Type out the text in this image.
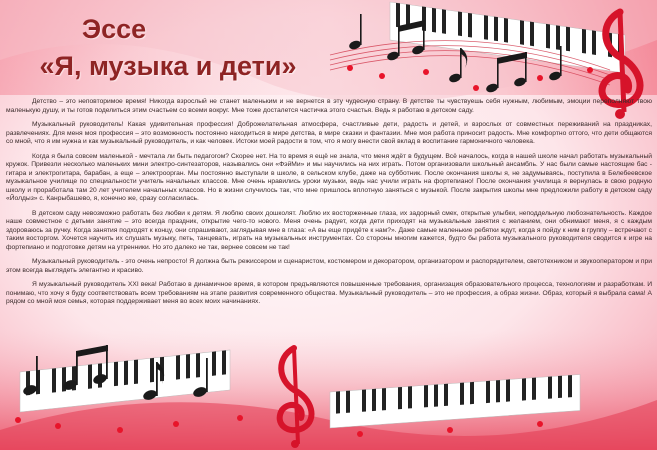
Эссе
«Я, музыка и дети»

Детство – это неповторимое время! Никогда взрослый не станет маленьким и не вернется в эту чудесную страну. В детстве ты чувствуешь себя нужным, любимым, эмоции переполняют твою маленькую душу, и ты готов поделиться этим счастьем со всеми вокруг. Мне тоже досталется частичка этого счастья. Ведь я работаю в детском саду.

Музыкальный руководитель! Какая удивительная профессия! Доброжелательная атмосфера, счастливые дети, радость и детей, и взрослых от совместных переживаний на праздниках, развлечениях. Для меня моя профессия – это возможность постоянно находиться в мире детства, в мире сказки и фантазии. Мне моя работа приносит радость. Мне комфортно оттого, что дети общаются со мной, что я им нужна и как музыкальный руководитель, и как человек. Истоки моей радости в том, что я могу внести свой вклад в воспитание гармоничного человека.

Когда я была совсем маленькой - мечтала ли быть педагогом? Скорее нет. На то время я ещё не знала, что меня ждёт в будущем. Всё началось, когда в нашей школе начал работать музыкальный кружок. Привезли несколько маленьких мини электро-синтезаторов, назывались они «ФэйМи» и мы научились на них играть. Потом организовали школьный ансамбль. У нас были самые настоящие бас - гитара и электрогитара, барабан, а еще – электроорган. Мы постоянно выступали в школе, в сельском клубе, даже на субботник. После окончания школы я, не задумываясь, поступила в Белебеевское музыкальное училище по специальности учитель начальных классов. Мне очень нравились уроки музыки, ведь нас учили играть на фортепиано! После окончания училища я вернулась в свою родную школу и проработала там 20 лет учителем начальных классов. Но в жизни случилось так, что мне пришлось вплотную заняться с музыкой. После закрытия школы мне предложили работу в детском саду «Йолдыз» с. Канрыбашево, я, конечно же, сразу согласилась.

В детском саду невозможно работать без любви к детям. Я люблю своих дошколят. Люблю их восторженные глаза, их задорный смех, открытые улыбки, неподдельную любознательность. Каждое наше совместное с детьми занятие – это всегда праздник, открытие чего-то нового. Меня очень радует, когда дети приходят на музыкальные занятия с желанием, они обнимают меня, я с каждым здороваюсь за ручку. Когда занятия подходят к концу, они спрашивают, заглядывая мне в глаза: «А вы еще придёте к нам?». Даже самые маленькие ребятки ждут, когда я пойду к ним в группу – встречают с таким восторгом. Хочется научить их слушать музыку, петь, танцевать, играть на музыкальных инструментах. Со стороны многим кажется, будто бы работа музыкального руководителя сводится к игре на фортепиано и подготовке детям на утренники. Но это далеко не так, вернее совсем не так!

Музыкальный руководитель - это очень непросто! Я должна быть режиссером и сценаристом, костюмером и декоратором, организатором и распорядителем, светотехником и звукооператором и при этом всегда выглядеть элегантно и красиво.

Я музыкальный руководитель XXI века! Работаю в динамичное время, в котором предъявляются повышенные требования, организация образовательного процесса, технологиям и разработкам. И понимаю, что хочу я буду соответствовать всем требованиям на этапе развития современного общества. Музыкальный руководитель – это не профессия, а образ жизни. Образ, который я выбрала сама! А рядом со мной моя семья, которая поддерживает меня во всех моих начинаниях.
